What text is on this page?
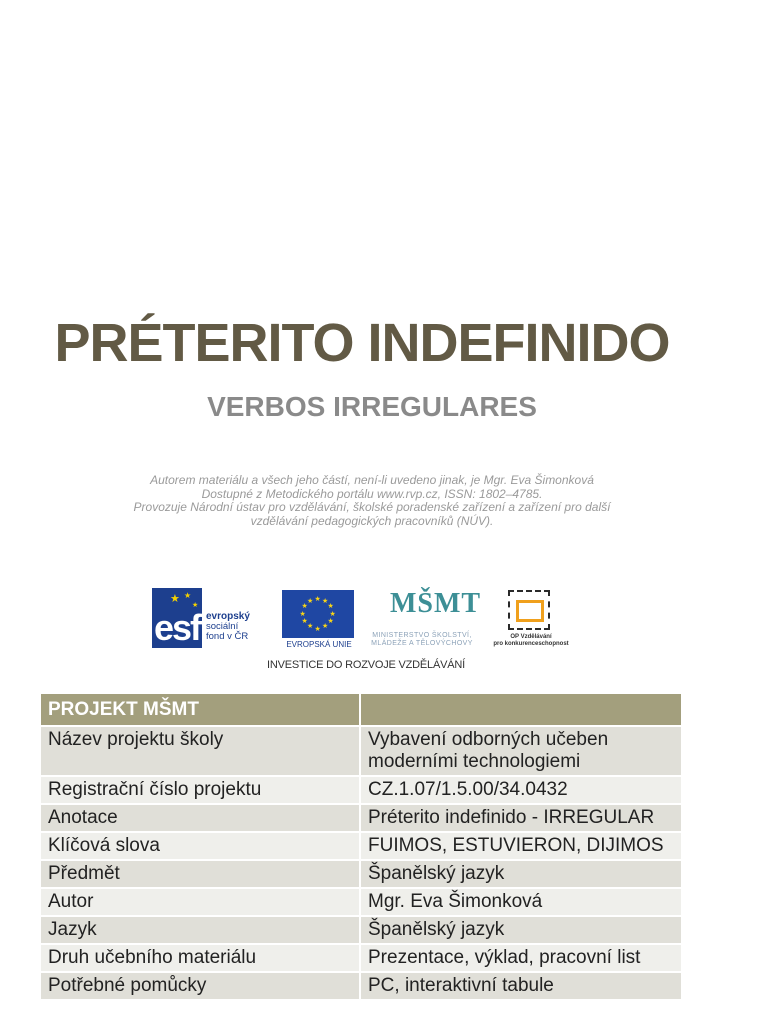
PRÉTERITO INDEFINIDO
VERBOS IRREGULARES
Autorem materiálu a všech jeho částí, není-li uvedeno jinak, je Mgr. Eva Šimonková
Dostupné z Metodického portálu www.rvp.cz, ISSN: 1802–4785.
Provozuje Národní ústav pro vzdělávání, školské poradenské zařízení a zařízení pro další
vzdělávání pedagogických pracovníků (NÚV).
★ ★
★
esf evropský
sociální
fond v ČR
★ ★
★
★
★
★
★
★
★
★
★
★
EVROPSKÁ UNIE
MŠMT
MINISTERSTVO ŠKOLSTVÍ,
MLÁDEŽE A TĚLOVÝCHOVY
OP Vzdělávání
pro konkurenceschopnost
INVESTICE DO ROZVOJE VZDĚLÁVÁNÍ
PROJEKT MŠMT	
Název projektu školy	Vybavení odborných učeben moderními technologiemi
Registrační číslo projektu	CZ.1.07/1.5.00/34.0432
Anotace	Préterito indefinido - IRREGULAR
Klíčová slova	FUIMOS, ESTUVIERON, DIJIMOS
Předmět	Španělský jazyk
Autor	Mgr. Eva Šimonková
Jazyk	Španělský jazyk
Druh učebního materiálu	Prezentace, výklad, pracovní list
Potřebné pomůcky	PC, interaktivní tabule
